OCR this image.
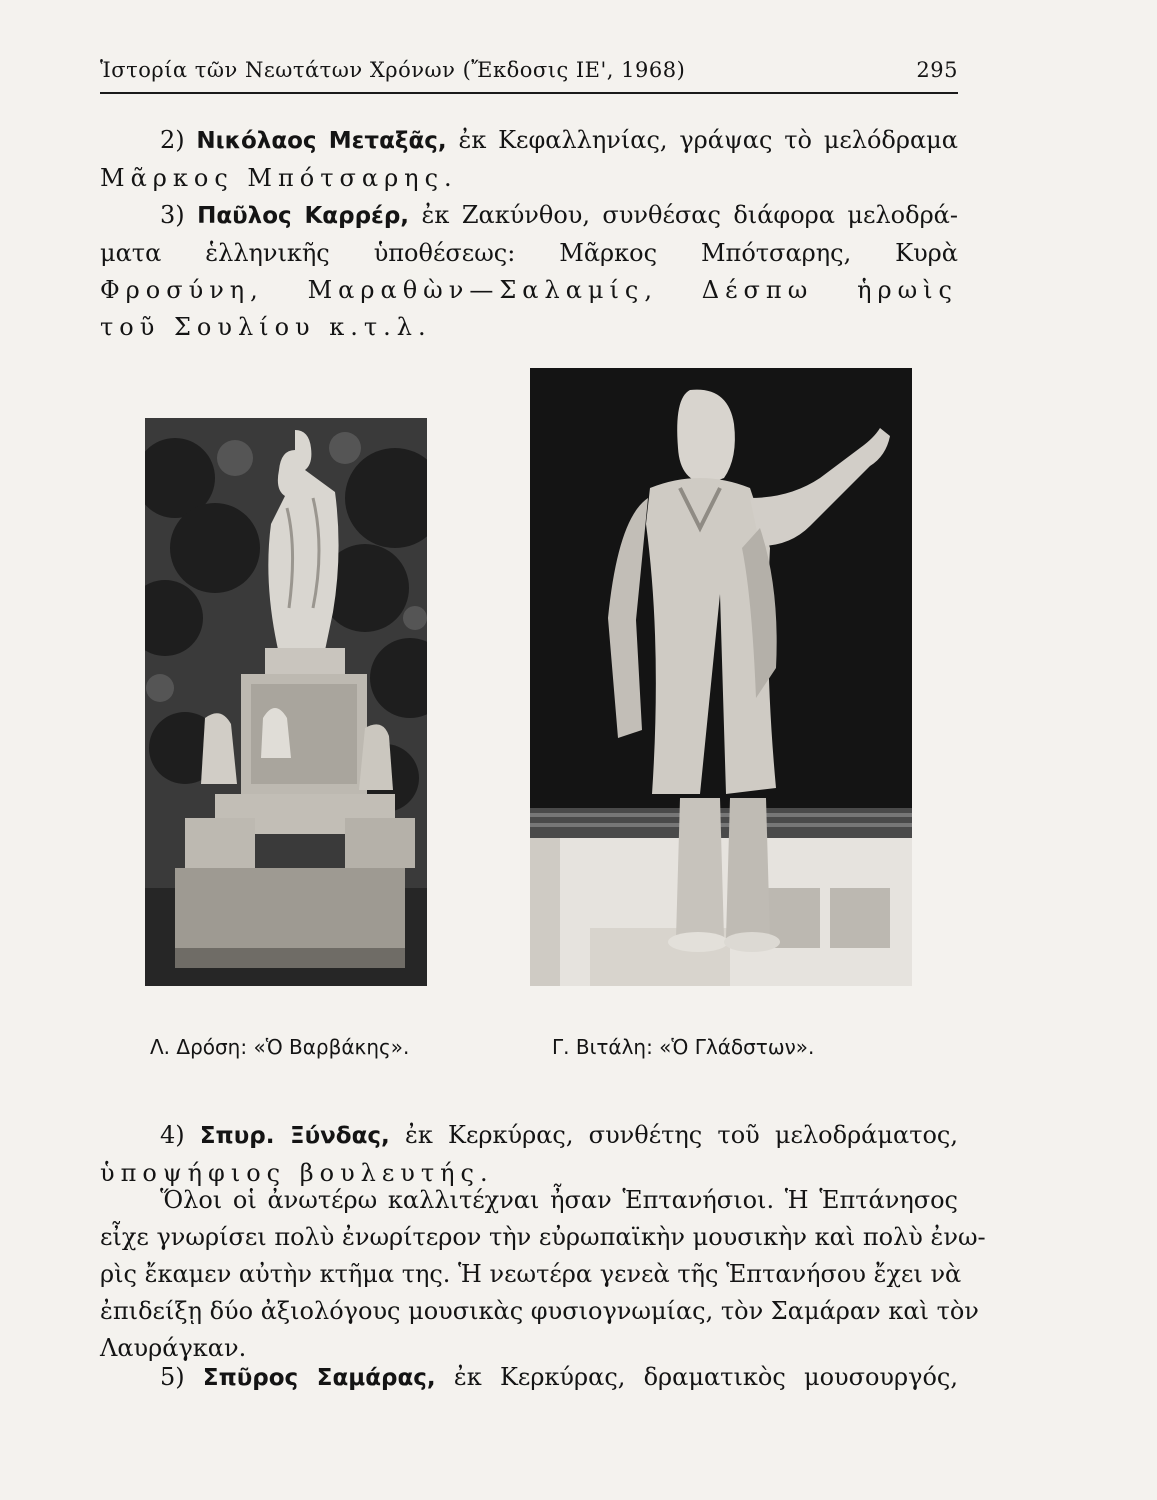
Ἱστορία τῶν Νεωτάτων Χρόνων (Ἔκδοσις ΙΕ', 1968)	295
2) Νικόλαος Μεταξᾶς, ἐκ Κεφαλληνίας, γράψας τὸ μελόδραμα
Μᾶρκος Μπότσαρης.
3) Παῦλος Καρρέρ, ἐκ Ζακύνθου, συνθέσας διάφορα μελοδρά-
ματα ἑλληνικῆς ὑποθέσεως: Μᾶρκος Μπότσαρης, Κυρὰ
Φροσύνη, Μαραθὼν—Σαλαμίς, Δέσπω ἡρωὶς
τοῦ Σουλίου κ.τ.λ.
Λ. Δρόση: «Ὁ Βαρβάκης».	Γ. Βιτάλη: «Ὁ Γλάδστων».
4) Σπυρ. Ξύνδας, ἐκ Κερκύρας, συνθέτης τοῦ μελοδράματος,
ὑποψήφιος βουλευτής.
Ὅλοι οἱ ἀνωτέρω καλλιτέχναι ἦσαν Ἑπτανήσιοι. Ἡ Ἑπτάνησος
εἶχε γνωρίσει πολὺ ἐνωρίτερον τὴν εὐρωπαϊκὴν μουσικὴν καὶ πολὺ ἐνω-
ρὶς ἔκαμεν αὐτὴν κτῆμα της. Ἡ νεωτέρα γενεὰ τῆς Ἑπτανήσου ἔχει νὰ
ἐπιδείξῃ δύο ἀξιολόγους μουσικὰς φυσιογνωμίας, τὸν Σαμάραν καὶ τὸν
Λαυράγκαν.
5) Σπῦρος Σαμάρας, ἐκ Κερκύρας, δραματικὸς μουσουργός,
